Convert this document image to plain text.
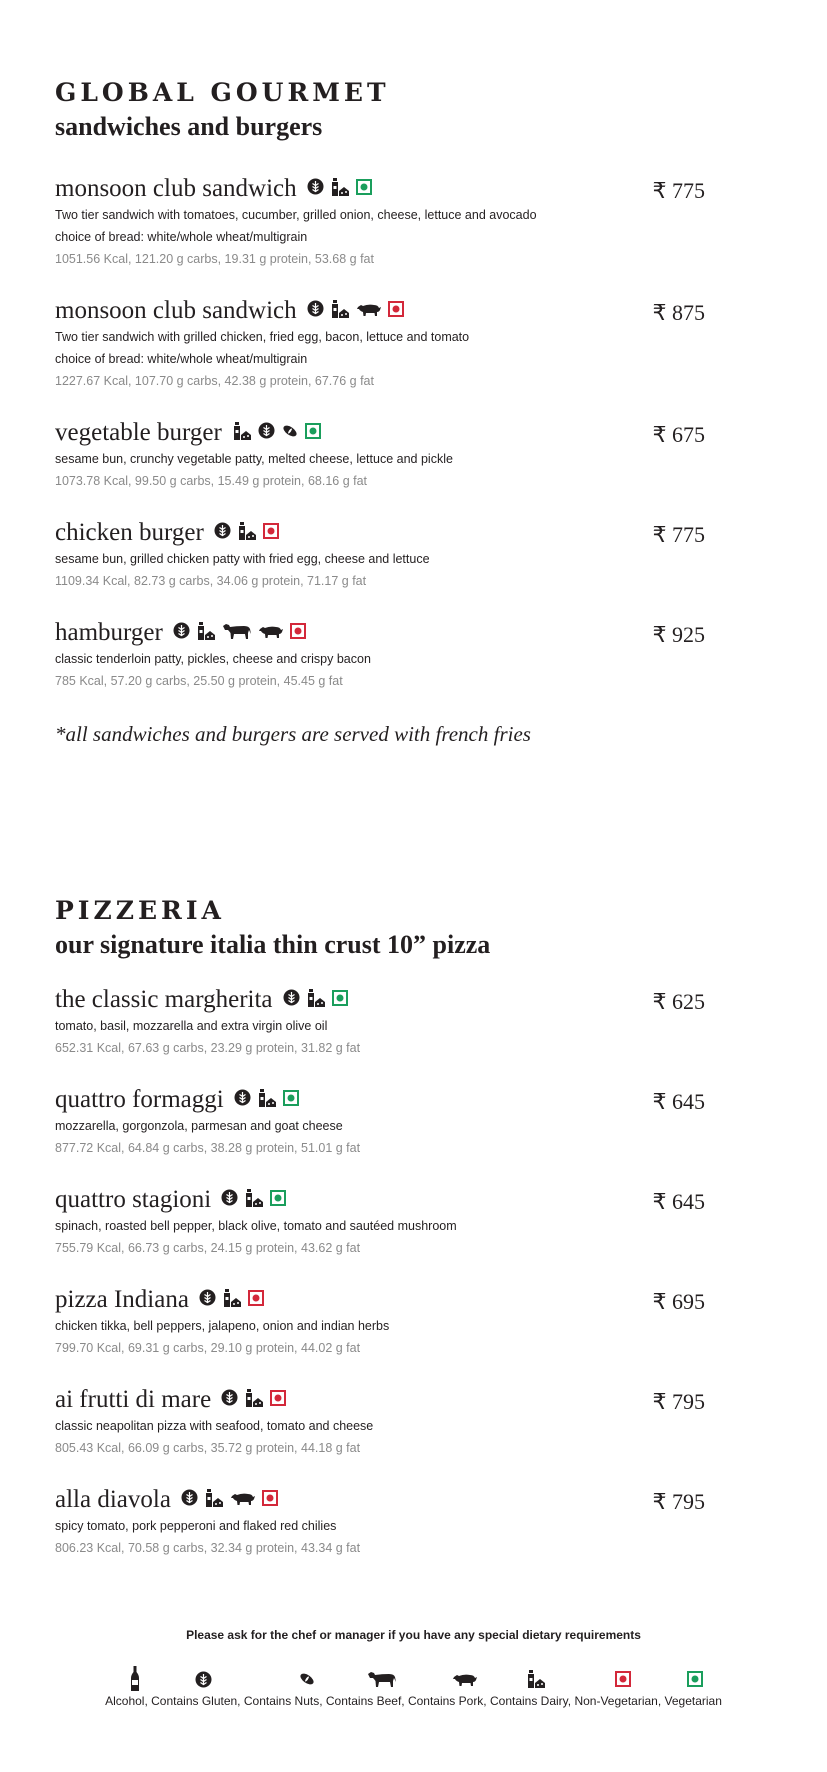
GLOBAL GOURMET
sandwiches and burgers
monsoon club sandwich	₹ 775
Two tier sandwich with tomatoes, cucumber, grilled onion, cheese, lettuce and avocado
choice of bread: white/whole wheat/multigrain
1051.56 Kcal, 121.20 g carbs, 19.31 g protein, 53.68 g fat
monsoon club sandwich	₹ 875
Two tier sandwich with grilled chicken, fried egg, bacon, lettuce and tomato
choice of bread: white/whole wheat/multigrain
1227.67 Kcal, 107.70 g carbs, 42.38 g protein, 67.76 g fat
vegetable burger	₹ 675
sesame bun, crunchy vegetable patty, melted cheese, lettuce and pickle
1073.78 Kcal, 99.50 g carbs, 15.49 g protein, 68.16 g fat
chicken burger	₹ 775
sesame bun, grilled chicken patty with fried egg, cheese and lettuce
1109.34 Kcal, 82.73 g carbs, 34.06 g protein, 71.17 g fat
hamburger	₹ 925
classic tenderloin patty, pickles, cheese and crispy bacon
785 Kcal, 57.20 g carbs, 25.50 g protein, 45.45 g fat
*all sandwiches and burgers are served with french fries
PIZZERIA
our signature italia thin crust 10” pizza
the classic margherita	₹ 625
tomato, basil, mozzarella and extra virgin olive oil
652.31 Kcal, 67.63 g carbs, 23.29 g protein, 31.82 g fat
quattro formaggi	₹ 645
mozzarella, gorgonzola, parmesan and goat cheese
877.72 Kcal, 64.84 g carbs, 38.28 g protein, 51.01 g fat
quattro stagioni	₹ 645
spinach, roasted bell pepper, black olive, tomato and sautéed mushroom
755.79 Kcal, 66.73 g carbs, 24.15 g protein, 43.62 g fat
pizza Indiana	₹ 695
chicken tikka, bell peppers, jalapeno, onion and indian herbs
799.70 Kcal, 69.31 g carbs, 29.10 g protein, 44.02 g fat
ai frutti di mare	₹ 795
classic neapolitan pizza with seafood, tomato and cheese
805.43 Kcal, 66.09 g carbs, 35.72 g protein, 44.18 g fat
alla diavola	₹ 795
spicy tomato, pork pepperoni and flaked red chilies
806.23 Kcal, 70.58 g carbs, 32.34 g protein, 43.34 g fat
Please ask for the chef or manager if you have any special dietary requirements
Alcohol, Contains Gluten, Contains Nuts, Contains Beef, Contains Pork, Contains Dairy, Non-Vegetarian, Vegetarian
